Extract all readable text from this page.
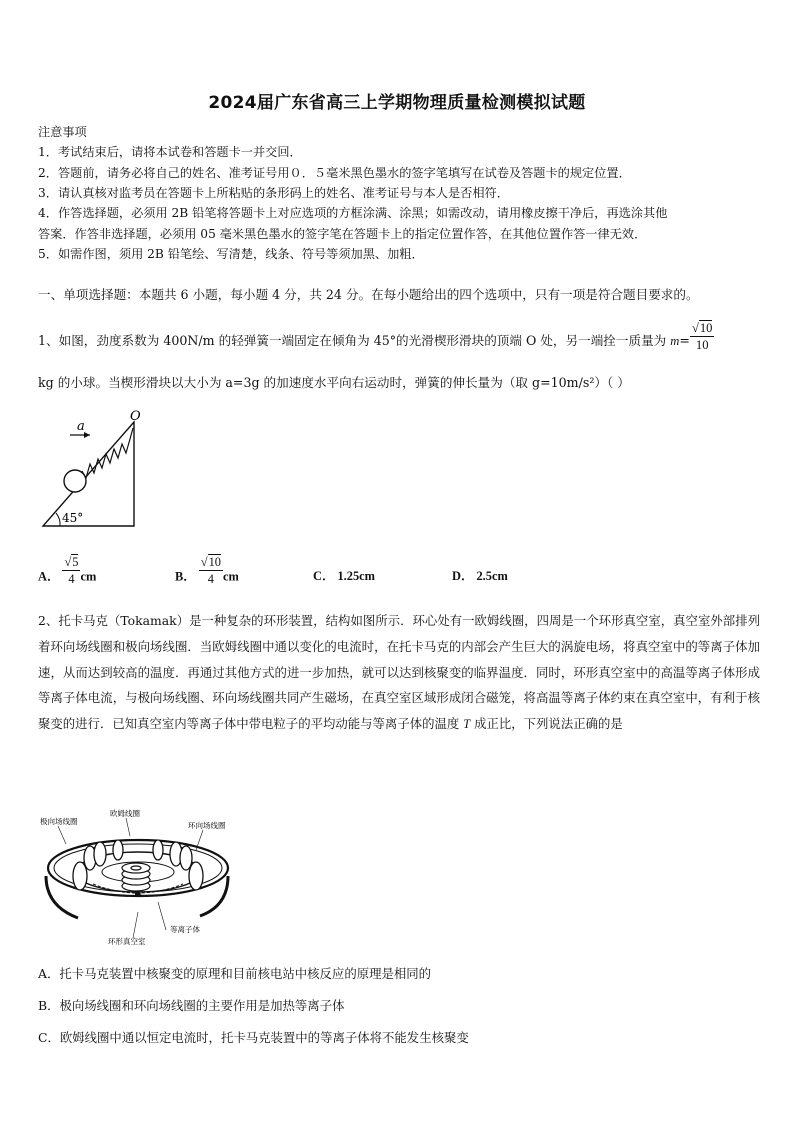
2024届广东省高三上学期物理质量检测模拟试题
注意事项
1．考试结束后，请将本试卷和答题卡一并交回．
2．答题前，请务必将自己的姓名、准考证号用０．５毫米黑色墨水的签字笔填写在试卷及答题卡的规定位置．
3．请认真核对监考员在答题卡上所粘贴的条形码上的姓名、准考证号与本人是否相符．
4．作答选择题，必须用 2B 铅笔将答题卡上对应选项的方框涂满、涂黑；如需改动，请用橡皮擦干净后，再选涂其他
答案．作答非选择题，必须用 05 毫米黑色墨水的签字笔在答题卡上的指定位置作答，在其他位置作答一律无效．
5．如需作图，须用 2B 铅笔绘、写清楚，线条、符号等须加黑、加粗．
一、单项选择题：本题共 6 小题，每小题 4 分，共 24 分。在每小题给出的四个选项中，只有一项是符合题目要求的。
1、如图，劲度系数为 400N/m 的轻弹簧一端固定在倾角为 45°的光滑楔形滑块的顶端 O 处，另一端拴一质量为 $m= \frac{√10}{10}$
kg 的小球。当楔形滑块以大小为 a=3g 的加速度水平向右运动时，弹簧的伸长量为（取 g=10m/s²）（ ）
a
O
45°
A． $\frac{√5}{4}$ cm	B． $\frac{√10}{4}$ cm	C． 1.25cm	D． 2.5cm
2、托卡马克（Tokamak）是一种复杂的环形装置，结构如图所示．环心处有一欧姆线圈，四周是一个环形真空室，真空室外部排列着环向场线圈和极向场线圈．当欧姆线圈中通以变化的电流时，在托卡马克的内部会产生巨大的涡旋电场，将真空室中的等离子体加速，从而达到较高的温度．再通过其他方式的进一步加热，就可以达到核聚变的临界温度．同时，环形真空室中的高温等离子体形成等离子体电流，与极向场线圈、环向场线圈共同产生磁场，在真空室区域形成闭合磁笼，将高温等离子体约束在真空室中，有利于核聚变的进行．已知真空室内等离子体中带电粒子的平均动能与等离子体的温度 T 成正比，下列说法正确的是
极向场线圈
欧姆线圈
环向场线圈
环形真空室
等离子体
A．托卡马克装置中核聚变的原理和目前核电站中核反应的原理是相同的
B．极向场线圈和环向场线圈的主要作用是加热等离子体
C．欧姆线圈中通以恒定电流时，托卡马克装置中的等离子体将不能发生核聚变
